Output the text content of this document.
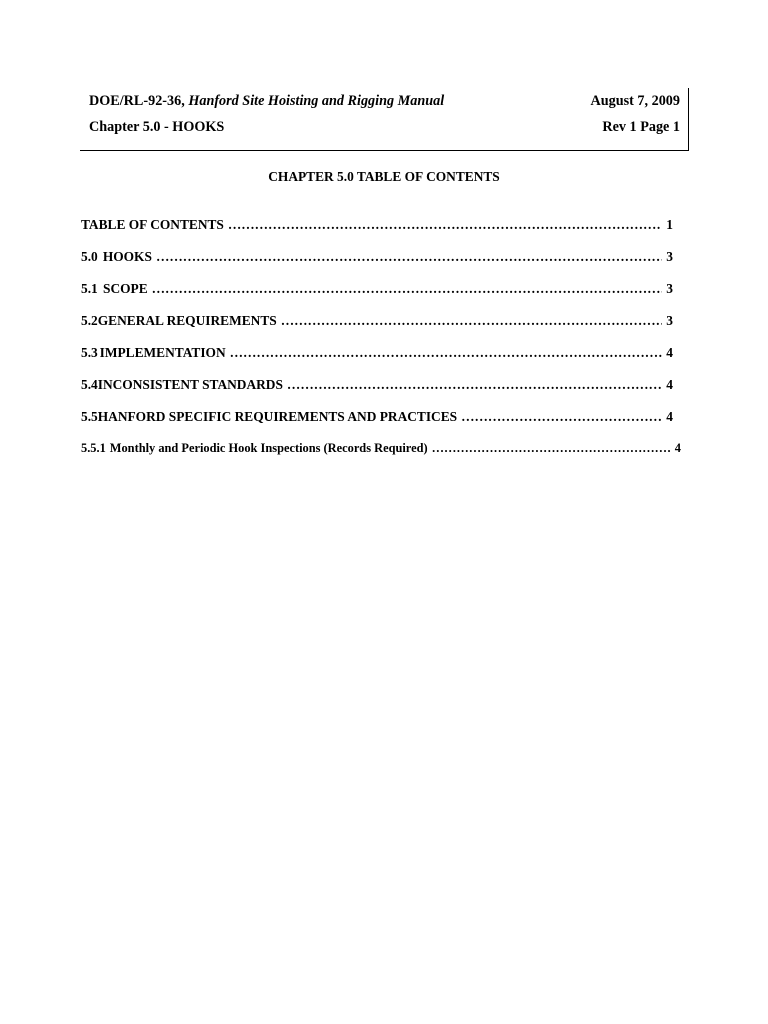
DOE/RL-92-36, Hanford Site Hoisting and Rigging Manual	August 7, 2009
Chapter 5.0 - HOOKS	Rev 1 Page 1
CHAPTER 5.0 TABLE OF CONTENTS
TABLE OF CONTENTS …………………………………………………………………………………………………………………………………………	1
5.0 HOOKS …………………………………………………………………………………………………………………………………………	3
5.1 SCOPE …………………………………………………………………………………………………………………………………………	3
5.2 GENERAL REQUIREMENTS …………………………………………………………………………………………………………………………………………	3
5.3 IMPLEMENTATION …………………………………………………………………………………………………………………………………………	4
5.4 INCONSISTENT STANDARDS …………………………………………………………………………………………………………………………………………	4
5.5 HANFORD SPECIFIC REQUIREMENTS AND PRACTICES …………………………………………………………………………………………………………………………………………	4
5.5.1 Monthly and Periodic Hook Inspections (Records Required) …………………………………………………………………………………………………………………………………………	4
